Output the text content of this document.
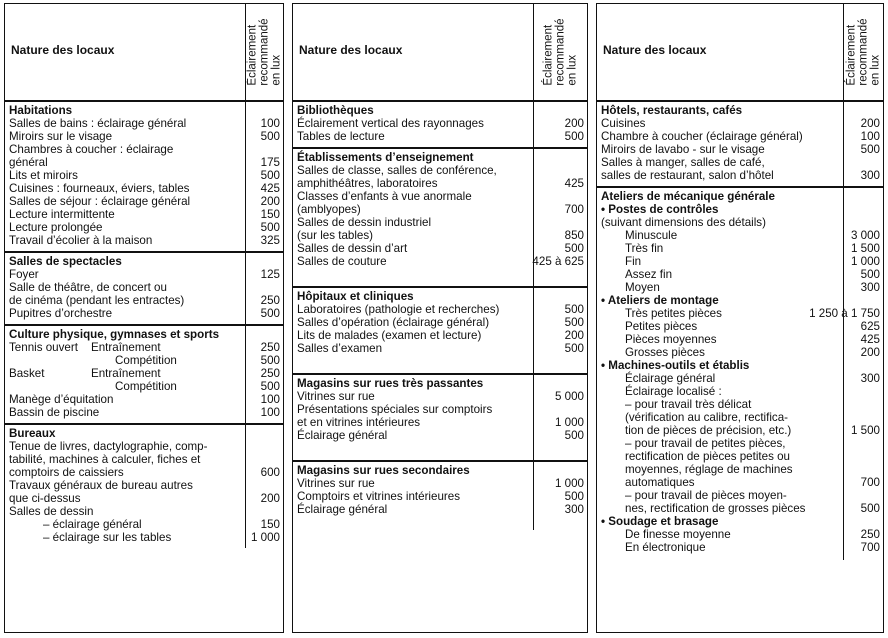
Nature des locaux	Éclairement
recommandé
en lux
Habitations
Salles de bains : éclairage général	100
Miroirs sur le visage	500
Chambres à coucher : éclairage
général	175
Lits et miroirs	500
Cuisines : fourneaux, éviers, tables	425
Salles de séjour : éclairage général	200
Lecture intermittente	150
Lecture prolongée	500
Travail d’écolier à la maison	325
Salles de spectacles
Foyer	125
Salle de théâtre, de concert ou
de cinéma (pendant les entractes)	250
Pupitres d’orchestre	500
Culture physique, gymnases et sports
Tennis ouvert Entraînement	250
Compétition	500
Basket	Entraînement	250
Compétition	500
Manège d’équitation	100
Bassin de piscine	100
Bureaux
Tenue de livres, dactylographie, comp-
tabilité, machines à calculer, fiches et
comptoirs de caissiers	600
Travaux généraux de bureau autres
que ci-dessus	200
Salles de dessin
– éclairage général	150
– éclairage sur les tables	1 000
Nature des locaux	Éclairement
recommandé
en lux
Bibliothèques
Éclairement vertical des rayonnages	200
Tables de lecture	500
Établissements d’enseignement
Salles de classe, salles de conférence,
amphithéâtres, laboratoires	425
Classes d’enfants à vue anormale
(amblyopes)	700
Salles de dessin industriel
(sur les tables)	850
Salles de dessin d’art	500
Salles de couture	425 à 625
Hôpitaux et cliniques
Laboratoires (pathologie et recherches)	500
Salles d’opération (éclairage général)	500
Lits de malades (examen et lecture)	200
Salles d’examen	500
Magasins sur rues très passantes
Vitrines sur rue	5 000
Présentations spéciales sur comptoirs
et en vitrines intérieures	1 000
Éclairage général	500
Magasins sur rues secondaires
Vitrines sur rue	1 000
Comptoirs et vitrines intérieures	500
Éclairage général	300
Nature des locaux	Éclairement
recommandé
en lux
Hôtels, restaurants, cafés
Cuisines	200
Chambre à coucher (éclairage général)	100
Miroirs de lavabo - sur le visage	500
Salles à manger, salles de café,
salles de restaurant, salon d’hôtel	300
Ateliers de mécanique générale
• Postes de contrôles
(suivant dimensions des détails)
Minuscule	3 000
Très fin	1 500
Fin	1 000
Assez fin	500
Moyen	300
• Ateliers de montage
Très petites pièces	1 250 à 1 750
Petites pièces	625
Pièces moyennes	425
Grosses pièces	200
• Machines-outils et établis
Éclairage général	300
Éclairage localisé :
– pour travail très délicat
(vérification au calibre, rectifica-
tion de pièces de précision, etc.)	1 500
– pour travail de petites pièces,
rectification de pièces petites ou
moyennes, réglage de machines
automatiques	700
– pour travail de pièces moyen-
nes, rectification de grosses pièces	500
• Soudage et brasage
De finesse moyenne	250
En électronique	700
